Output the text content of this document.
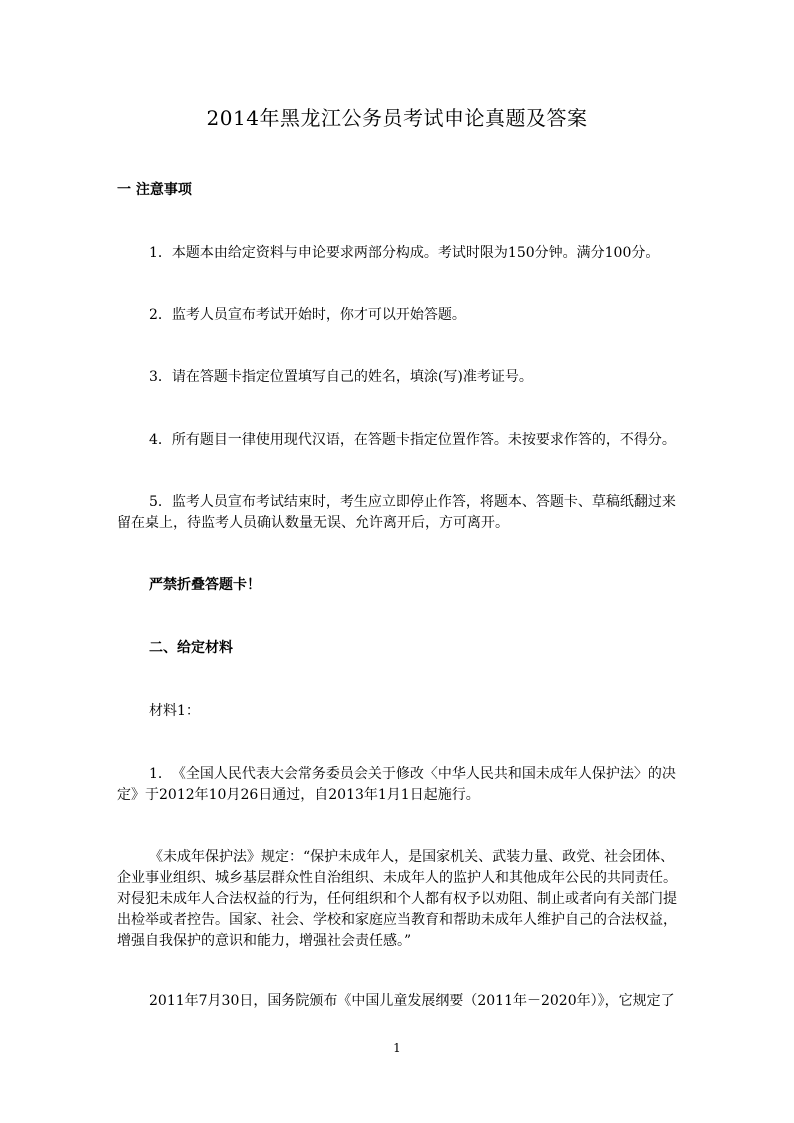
2014年黑龙江公务员考试申论真题及答案
一 注意事项
1．本题本由给定资料与申论要求两部分构成。考试时限为150分钟。满分100分。
2．监考人员宣布考试开始时，你才可以开始答题。
3．请在答题卡指定位置填写自己的姓名，填涂(写)准考证号。
4．所有题目一律使用现代汉语，在答题卡指定位置作答。未按要求作答的，不得分。
5．监考人员宣布考试结束时，考生应立即停止作答，将题本、答题卡、草稿纸翻过来留在桌上，待监考人员确认数量无误、允许离开后，方可离开。
严禁折叠答题卡！
二、给定材料
材料1：
1．　《全国人民代表大会常务委员会关于修改〈中华人民共和国未成年人保护法〉的决定》于2012年10月26日通过，自2013年1月1日起施行。
《未成年保护法》规定：“保护未成年人，是国家机关、武装力量、政党、社会团体、企业事业组织、城乡基层群众性自治组织、未成年人的监护人和其他成年公民的共同责任。对侵犯未成年人合法权益的行为，任何组织和个人都有权予以劝阻、制止或者向有关部门提出检举或者控告。国家、社会、学校和家庭应当教育和帮助未成年人维护自己的合法权益，增强自我保护的意识和能力，增强社会责任感。”
2011年7月30日，国务院颁布《中国儿童发展纲要（2011年－2020年）》，它规定了
1
